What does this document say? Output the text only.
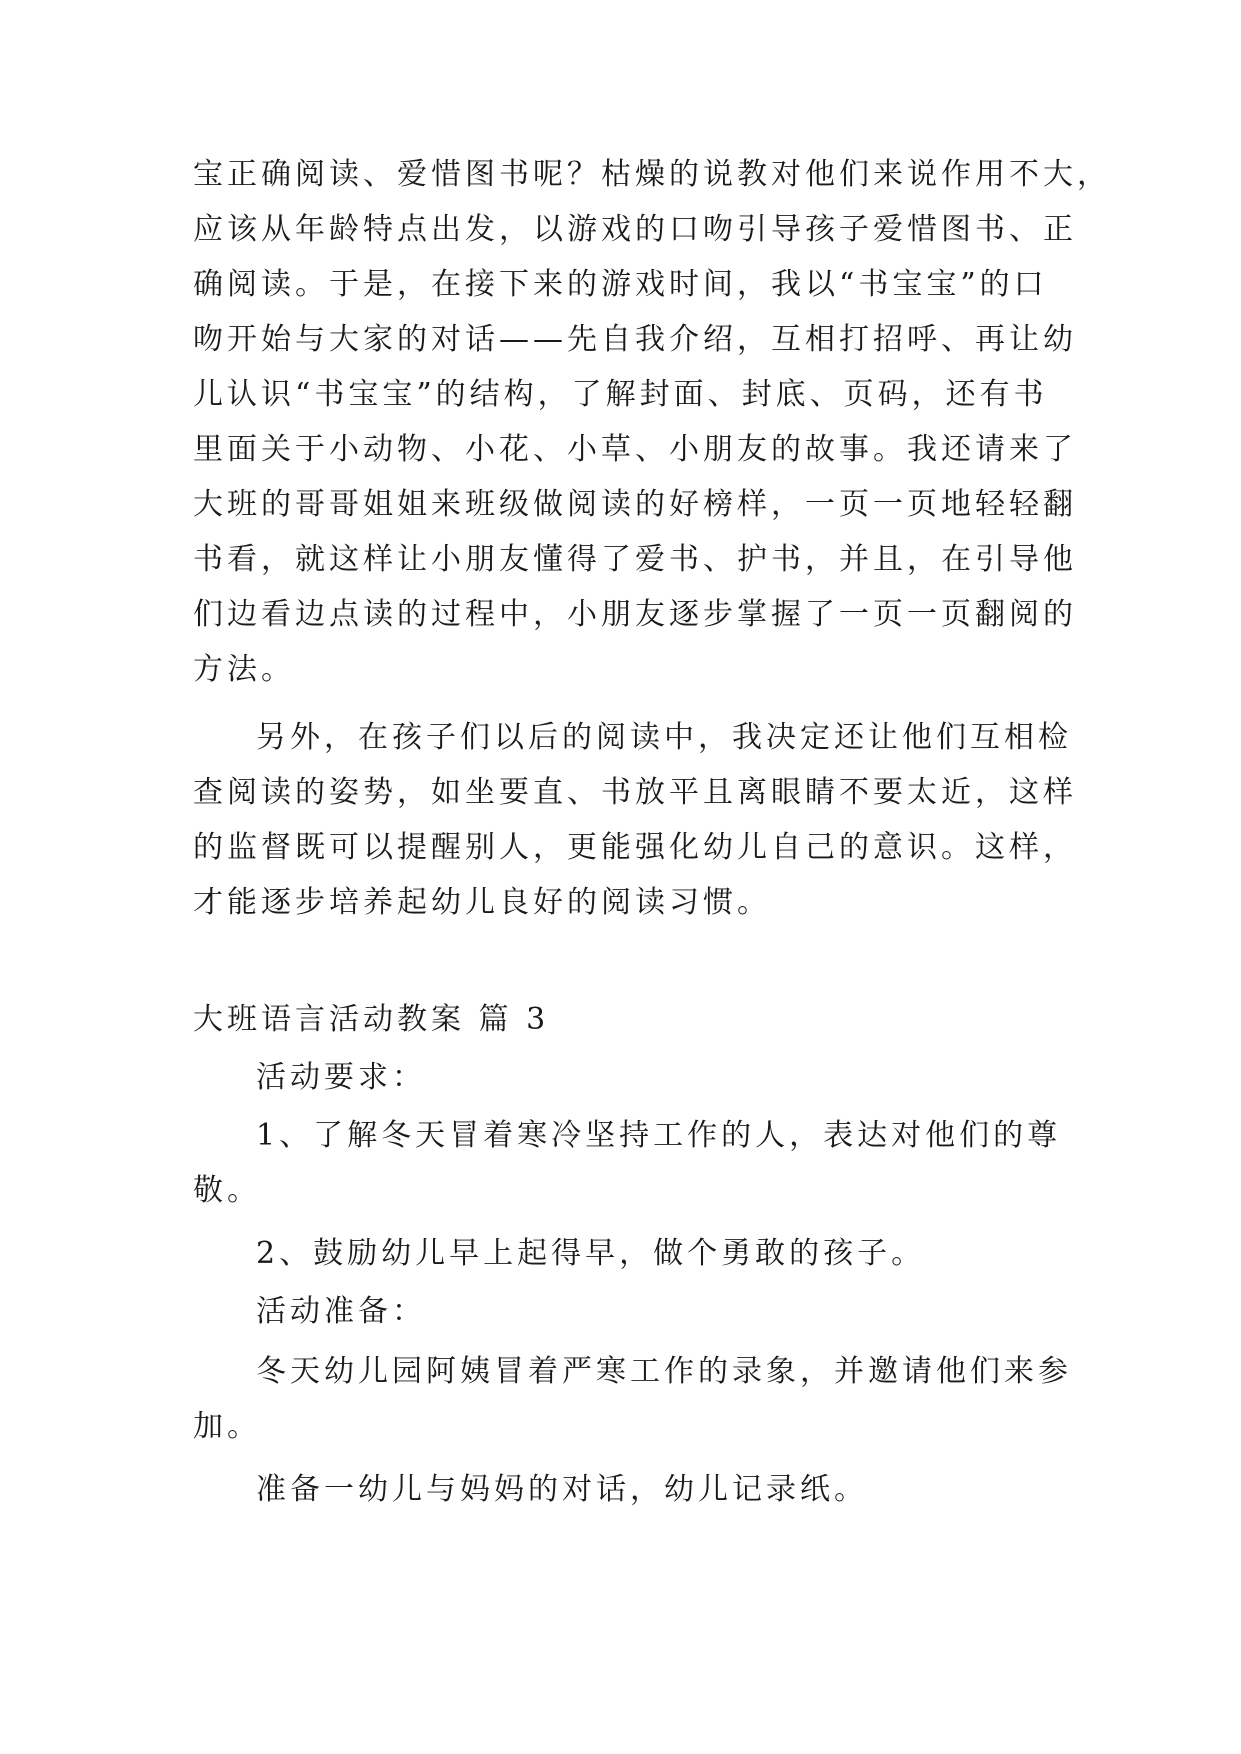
宝正确阅读、爱惜图书呢？枯燥的说教对他们来说作用不大，
应该从年龄特点出发，以游戏的口吻引导孩子爱惜图书、正
确阅读。于是，在接下来的游戏时间，我以“书宝宝”的口
吻开始与大家的对话——先自我介绍，互相打招呼、再让幼
儿认识“书宝宝”的结构，了解封面、封底、页码，还有书
里面关于小动物、小花、小草、小朋友的故事。我还请来了
大班的哥哥姐姐来班级做阅读的好榜样，一页一页地轻轻翻
书看，就这样让小朋友懂得了爱书、护书，并且，在引导他
们边看边点读的过程中，小朋友逐步掌握了一页一页翻阅的
方法。
另外，在孩子们以后的阅读中，我决定还让他们互相检
查阅读的姿势，如坐要直、书放平且离眼睛不要太近，这样
的监督既可以提醒别人，更能强化幼儿自己的意识。这样，
才能逐步培养起幼儿良好的阅读习惯。
大班语言活动教案 篇 3
活动要求：
1、了解冬天冒着寒冷坚持工作的人，表达对他们的尊
敬。
2、鼓励幼儿早上起得早，做个勇敢的孩子。
活动准备：
冬天幼儿园阿姨冒着严寒工作的录象，并邀请他们来参
加。
准备一幼儿与妈妈的对话，幼儿记录纸。
